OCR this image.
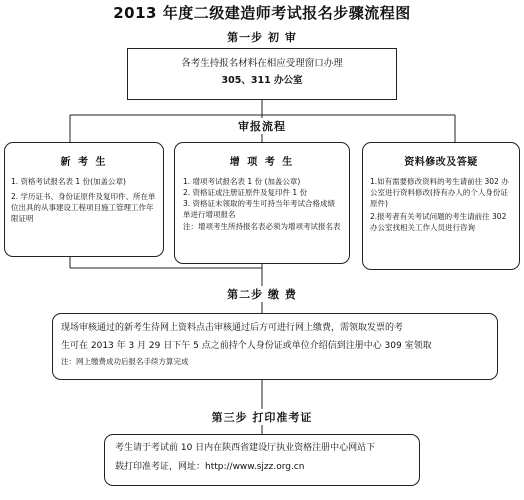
2013 年度二级建造师考试报名步骤流程图
第一步 初 审
各考生持报名材料在相应受理窗口办理
305、311 办公室
审报流程
新 考 生
1. 资格考试报名表 1 份(加盖公章)
2. 学历证书、身份证原件及复印件、所在单位出具的从事建设工程项目施工管理工作年限证明
增 项 考 生
1. 增项考试报名表 1 份 (加盖公章)
2. 资格证或注册证原件及复印件 1 份
3. 资格证未领取的考生可持当年考试合格成绩单进行增项报名
注：增项考生所持报名表必须为增项考试报名表
资料修改及答疑
1.如有需要修改资料的考生请前往 302 办公室进行资料修改(持有办人的个人身份证原件)
2.报考者有关考试问题的考生请前往 302 办公室找相关工作人员进行咨询
第二步 缴 费
现场审核通过的新考生待网上资料点击审核通过后方可进行网上缴费，需领取发票的考
生可在 2013 年 3 月 29 日下午 5 点之前持个人身份证或单位介绍信到注册中心 309 室领取
注：网上缴费成功后报名手续方算完成
第三步 打印准考证
考生请于考试前 10 日内在陕西省建设厅执业资格注册中心网站下
载打印准考证，网址：http://www.sjzz.org.cn
